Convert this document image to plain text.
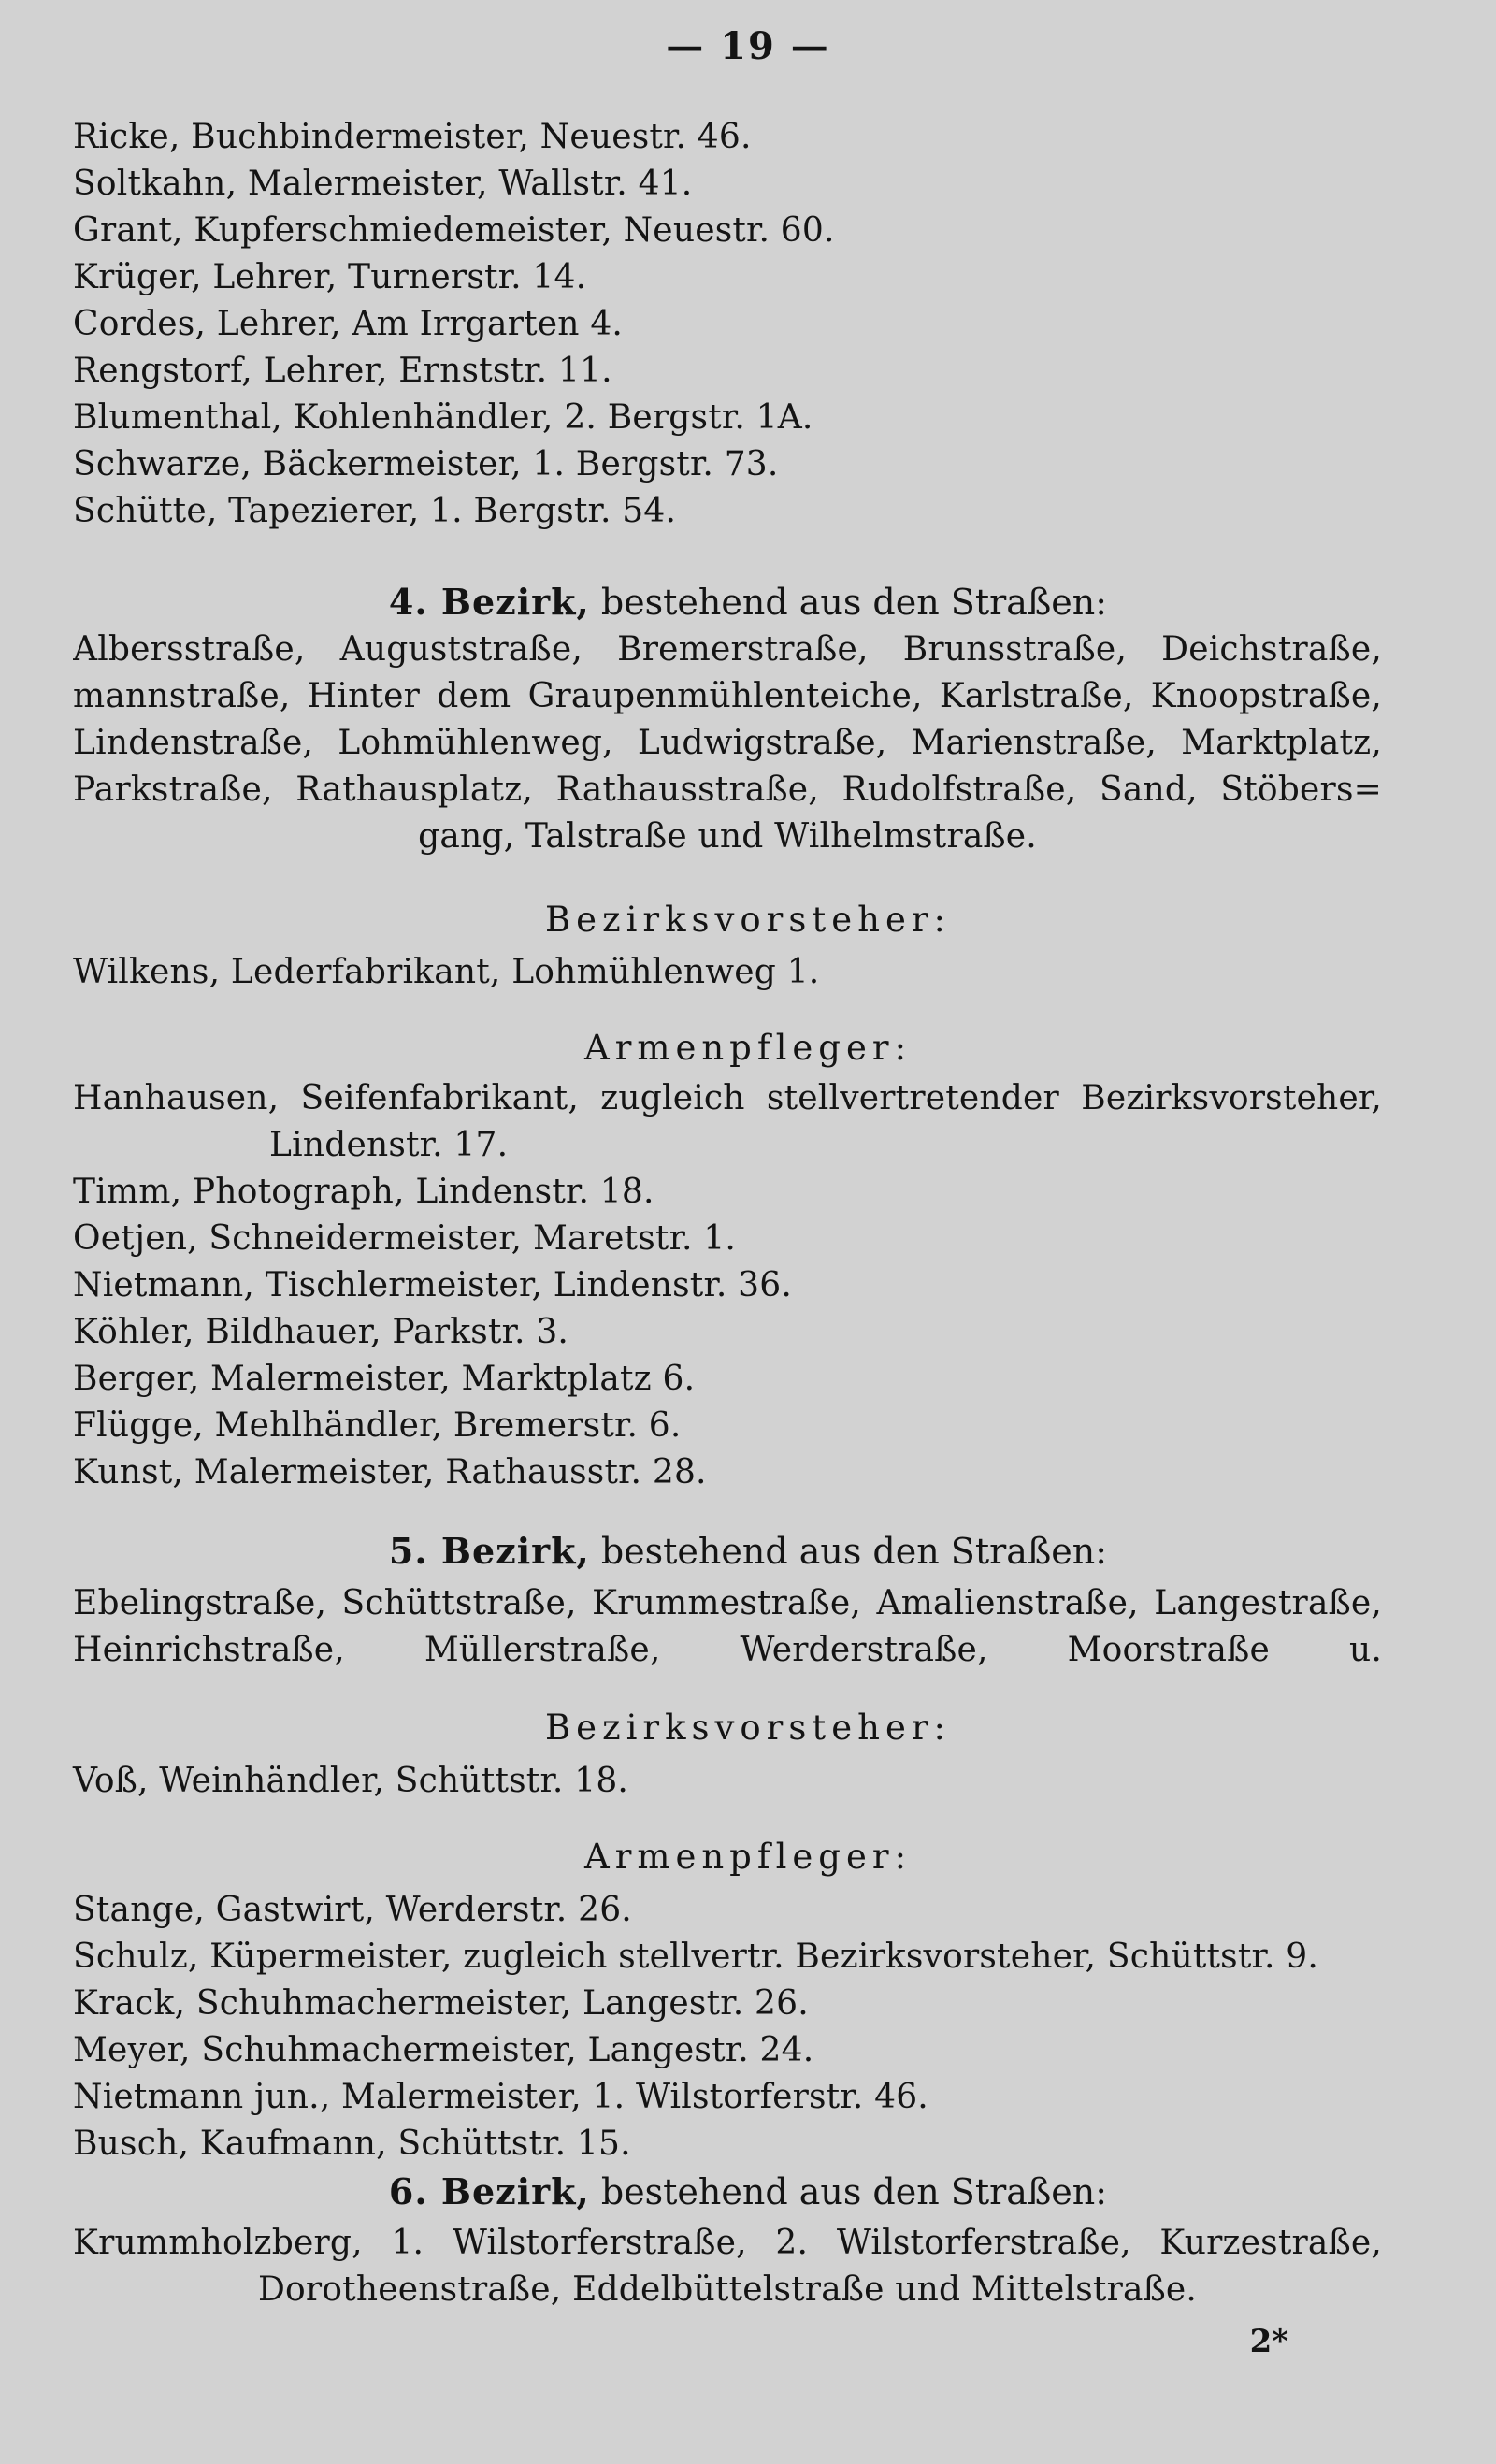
— 19 —
Ricke, Buchbindermeister, Neuestr. 46.
Soltkahn, Malermeister, Wallstr. 41.
Grant, Kupferschmiedemeister, Neuestr. 60.
Krüger, Lehrer, Turnerstr. 14.
Cordes, Lehrer, Am Irrgarten 4.
Rengstorf, Lehrer, Ernststr. 11.
Blumenthal, Kohlenhändler, 2. Bergstr. 1A.
Schwarze, Bäckermeister, 1. Bergstr. 73.
Schütte, Tapezierer, 1. Bergstr. 54.
4. Bezirk, bestehend aus den Straßen:
Albersstraße, Auguststraße, Bremerstraße, Brunsstraße, Deichstraße,
mannstraße, Hinter dem Graupenmühlenteiche, Karlstraße, Knoopstraße,
Lindenstraße, Lohmühlenweg, Ludwigstraße, Marienstraße, Marktplatz,
Parkstraße, Rathausplatz, Rathausstraße, Rudolfstraße, Sand, Stöbers=
gang, Talstraße und Wilhelmstraße.
Bezirksvorsteher:
Wilkens, Lederfabrikant, Lohmühlenweg 1.
Armenpfleger:
Hanhausen, Seifenfabrikant, zugleich stellvertretender Bezirksvorsteher,
Lindenstr. 17.
Timm, Photograph, Lindenstr. 18.
Oetjen, Schneidermeister, Maretstr. 1.
Nietmann, Tischlermeister, Lindenstr. 36.
Köhler, Bildhauer, Parkstr. 3.
Berger, Malermeister, Marktplatz 6.
Flügge, Mehlhändler, Bremerstr. 6.
Kunst, Malermeister, Rathausstr. 28.
5. Bezirk, bestehend aus den Straßen:
Ebelingstraße, Schüttstraße, Krummestraße, Amalienstraße, Langestraße,
Heinrichstraße, Müllerstraße, Werderstraße, Moorstraße u.
Bezirksvorsteher:
Voß, Weinhändler, Schüttstr. 18.
Armenpfleger:
Stange, Gastwirt, Werderstr. 26.
Schulz, Küpermeister, zugleich stellvertr. Bezirksvorsteher, Schüttstr. 9.
Krack, Schuhmachermeister, Langestr. 26.
Meyer, Schuhmachermeister, Langestr. 24.
Nietmann jun., Malermeister, 1. Wilstorferstr. 46.
Busch, Kaufmann, Schüttstr. 15.
6. Bezirk, bestehend aus den Straßen:
Krummholzberg, 1. Wilstorferstraße, 2. Wilstorferstraße, Kurzestraße,
Dorotheenstraße, Eddelbüttelstraße und Mittelstraße.
2*
